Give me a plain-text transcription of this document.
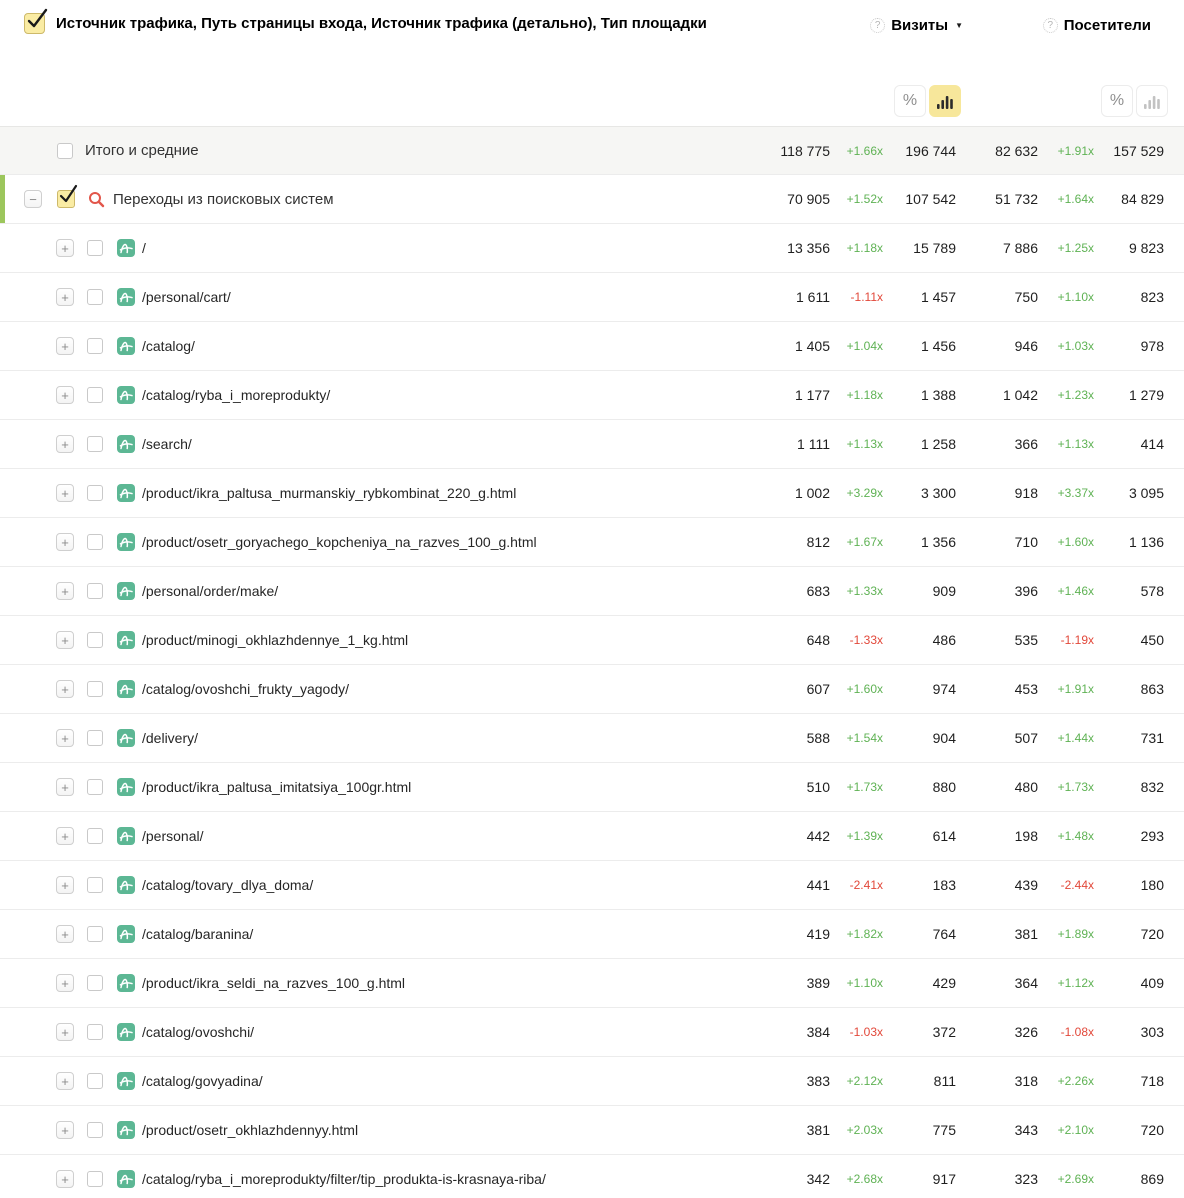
Источник трафика, Путь страницы входа, Источник трафика (детально), Тип площадки	? Визиты ▼	? Посетители
%	%
Итого и средние	118 775	+1.66x	196 744	82 632	+1.91x	157 529
−	Переходы из поисковых систем	70 905	+1.52x	107 542	51 732	+1.64x	84 829
+	/	13 356	+1.18x	15 789	7 886	+1.25x	9 823
+	/personal/cart/	1 611	-1.11x	1 457	750	+1.10x	823
+	/catalog/	1 405	+1.04x	1 456	946	+1.03x	978
+	/catalog/ryba_i_moreprodukty/	1 177	+1.18x	1 388	1 042	+1.23x	1 279
+	/search/	1 111	+1.13x	1 258	366	+1.13x	414
+	/product/ikra_paltusa_murmanskiy_rybkombinat_220_g.html	1 002	+3.29x	3 300	918	+3.37x	3 095
+	/product/osetr_goryachego_kopcheniya_na_razves_100_g.html	812	+1.67x	1 356	710	+1.60x	1 136
+	/personal/order/make/	683	+1.33x	909	396	+1.46x	578
+	/product/minogi_okhlazhdennye_1_kg.html	648	-1.33x	486	535	-1.19x	450
+	/catalog/ovoshchi_frukty_yagody/	607	+1.60x	974	453	+1.91x	863
+	/delivery/	588	+1.54x	904	507	+1.44x	731
+	/product/ikra_paltusa_imitatsiya_100gr.html	510	+1.73x	880	480	+1.73x	832
+	/personal/	442	+1.39x	614	198	+1.48x	293
+	/catalog/tovary_dlya_doma/	441	-2.41x	183	439	-2.44x	180
+	/catalog/baranina/	419	+1.82x	764	381	+1.89x	720
+	/product/ikra_seldi_na_razves_100_g.html	389	+1.10x	429	364	+1.12x	409
+	/catalog/ovoshchi/	384	-1.03x	372	326	-1.08x	303
+	/catalog/govyadina/	383	+2.12x	811	318	+2.26x	718
+	/product/osetr_okhlazhdennyy.html	381	+2.03x	775	343	+2.10x	720
+	/catalog/ryba_i_moreprodukty/filter/tip_produkta-is-krasnaya-riba/	342	+2.68x	917	323	+2.69x	869
